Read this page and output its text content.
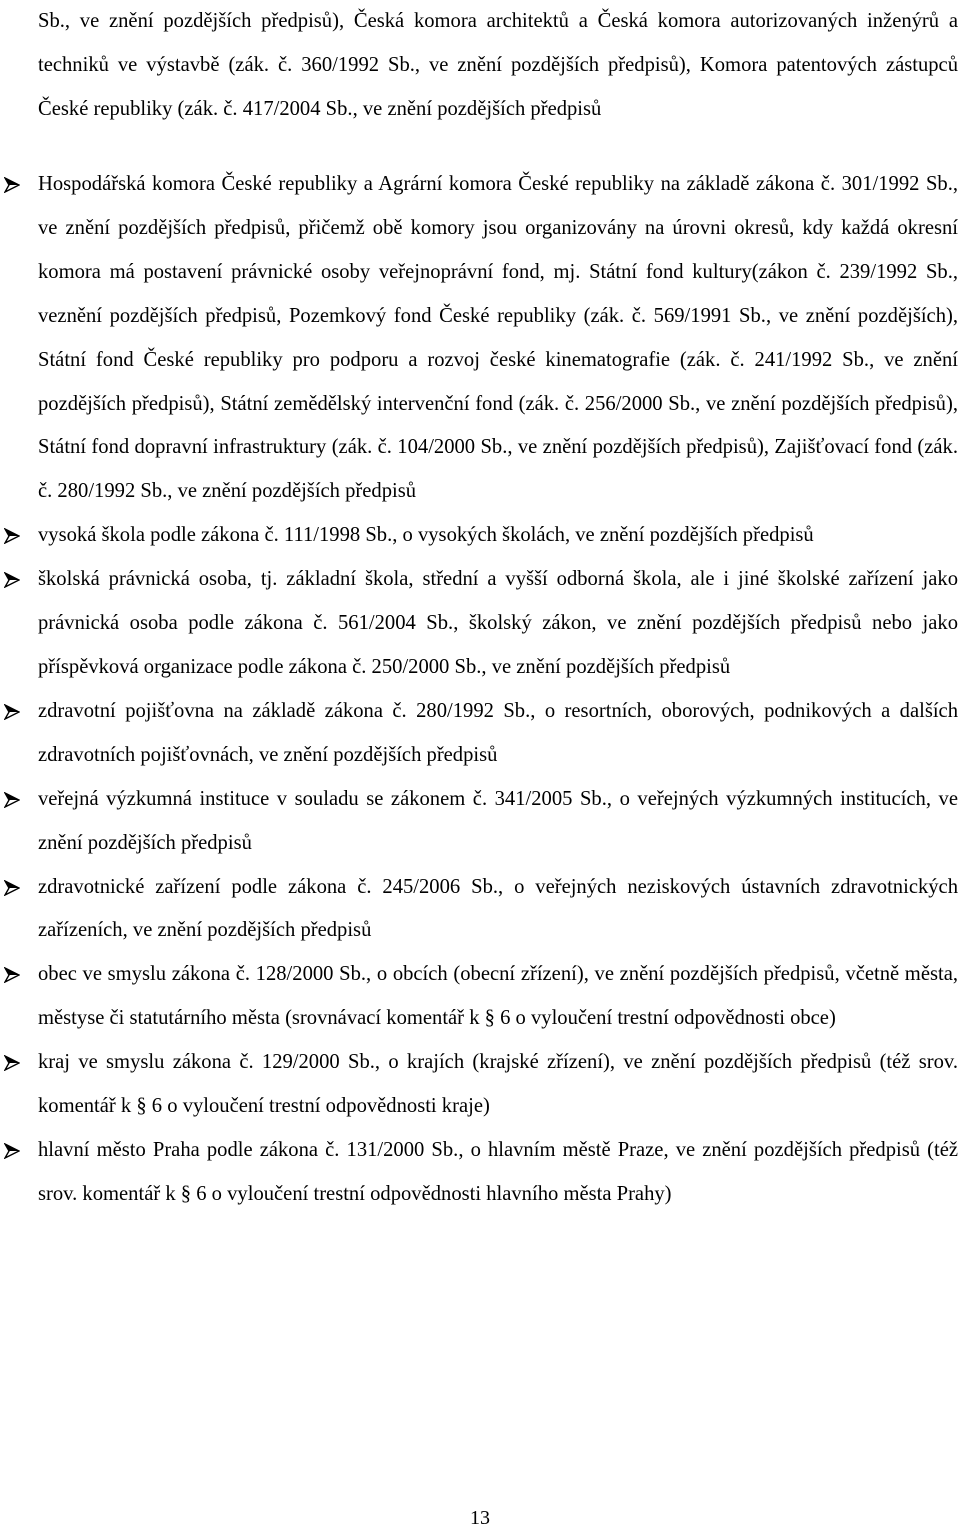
Sb., ve znění pozdějších předpisů), Česká komora architektů a Česká komora autorizovaných inženýrů a techniků ve výstavbě (zák. č. 360/1992 Sb., ve znění pozdějších předpisů), Komora patentových zástupců České republiky (zák. č. 417/2004 Sb., ve znění pozdějších předpisů
Hospodářská komora České republiky a Agrární komora České republiky na základě zákona č. 301/1992 Sb., ve znění pozdějších předpisů, přičemž obě komory jsou organizovány na úrovni okresů, kdy každá okresní komora má postavení právnické osoby veřejnoprávní fond, mj. Státní fond kultury(zákon č. 239/1992 Sb., veznění pozdějších předpisů, Pozemkový fond České republiky (zák. č. 569/1991 Sb., ve znění pozdějších), Státní fond České republiky pro podporu a rozvoj české kinematografie (zák. č. 241/1992 Sb., ve znění pozdějších předpisů), Státní zemědělský intervenční fond (zák. č. 256/2000 Sb., ve znění pozdějších předpisů), Státní fond dopravní infrastruktury (zák. č. 104/2000 Sb., ve znění pozdějších předpisů), Zajišťovací fond (zák. č. 280/1992 Sb., ve znění pozdějších předpisů
vysoká škola podle zákona č. 111/1998 Sb., o vysokých školách, ve znění pozdějších předpisů
školská právnická osoba, tj. základní škola, střední a vyšší odborná škola, ale i jiné školské zařízení jako právnická osoba podle zákona č. 561/2004 Sb., školský zákon, ve znění pozdějších předpisů nebo jako příspěvková organizace podle zákona č. 250/2000 Sb., ve znění pozdějších předpisů
zdravotní pojišťovna na základě zákona č. 280/1992 Sb., o resortních, oborových, podnikových a dalších zdravotních pojišťovnách, ve znění pozdějších předpisů
veřejná výzkumná instituce v souladu se zákonem č. 341/2005 Sb., o veřejných výzkumných institucích, ve znění pozdějších předpisů
zdravotnické zařízení podle zákona č. 245/2006 Sb., o veřejných neziskových ústavních zdravotnických zařízeních, ve znění pozdějších předpisů
obec ve smyslu zákona č. 128/2000 Sb., o obcích (obecní zřízení), ve znění pozdějších předpisů, včetně města, městyse či statutárního města (srovnávací komentář k § 6 o vyloučení trestní odpovědnosti obce)
kraj ve smyslu zákona č. 129/2000 Sb., o krajích (krajské zřízení), ve znění pozdějších předpisů (též srov. komentář k § 6 o vyloučení trestní odpovědnosti kraje)
hlavní město Praha podle zákona č. 131/2000 Sb., o hlavním městě Praze, ve znění pozdějších předpisů (též srov. komentář k § 6 o vyloučení trestní odpovědnosti hlavního města Prahy)
13
